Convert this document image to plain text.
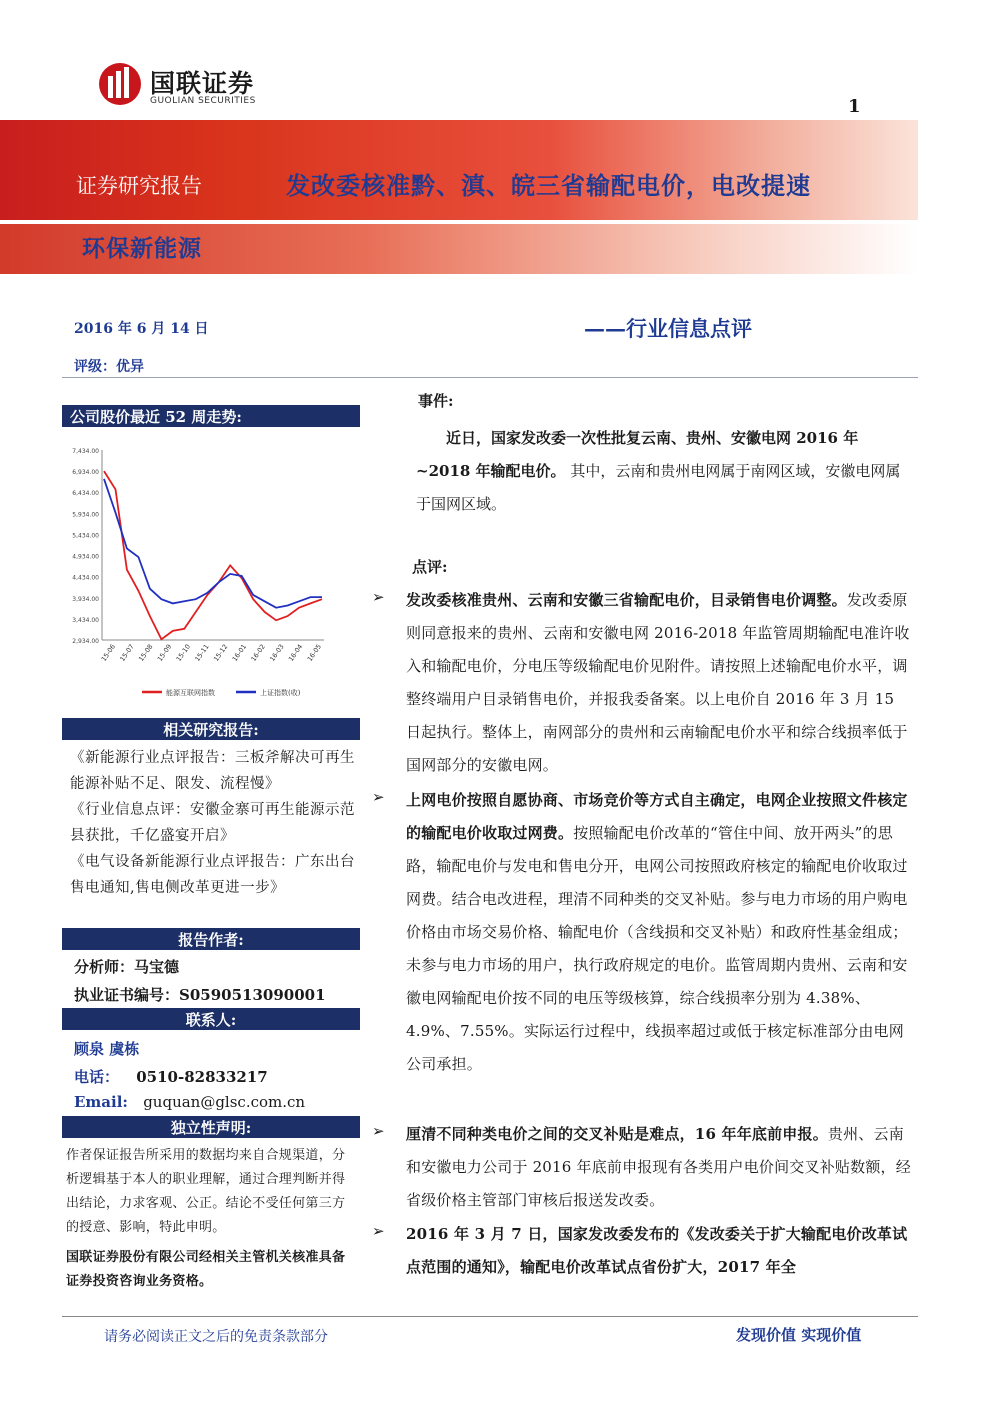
国联证券
GUOLIAN SECURITIES	1
证券研究报告	发改委核准黔、滇、皖三省输配电价，电改提速
环保新能源
2016 年 6 月 14 日
评级：优异
——行业信息点评
公司股价最近 52 周走势:
7,434.00
6,934.00
6,434.00
5,934.00
5,434.00
4,934.00
4,434.00
3,934.00
3,434.00
2,934.00
15-06 15-07 15-08 15-09 15-10 15-11 15-12 16-01 16-02 16-03 16-04 16-05
能源互联网指数	上证指数(收)
相关研究报告:
《新能源行业点评报告：三板斧解决可再生能源补贴不足、限发、流程慢》
《行业信息点评：安徽金寨可再生能源示范县获批，千亿盛宴开启》
《电气设备新能源行业点评报告：广东出台售电通知,售电侧改革更进一步》
报告作者:
分析师：马宝德
执业证书编号：S0590513090001
联系人:
顾泉 虞栋
电话： 0510-82833217
Email: guquan@glsc.com.cn
独立性声明:
作者保证报告所采用的数据均来自合规渠道，分析逻辑基于本人的职业理解，通过合理判断并得出结论，力求客观、公正。结论不受任何第三方的授意、影响，特此申明。
国联证券股份有限公司经相关主管机关核准具备证券投资咨询业务资格。
事件:
近日，国家发改委一次性批复云南、贵州、安徽电网 2016 年~2018 年输配电价。 其中，云南和贵州电网属于南网区域，安徽电网属于国网区域。
点评:
➢ 发改委核准贵州、云南和安徽三省输配电价，目录销售电价调整。发改委原则同意报来的贵州、云南和安徽电网 2016-2018 年监管周期输配电准许收入和输配电价，分电压等级输配电价见附件。请按照上述输配电价水平，调整终端用户目录销售电价，并报我委备案。以上电价自 2016 年 3 月 15 日起执行。整体上，南网部分的贵州和云南输配电价水平和综合线损率低于国网部分的安徽电网。
➢ 上网电价按照自愿协商、市场竞价等方式自主确定，电网企业按照文件核定的输配电价收取过网费。按照输配电价改革的“管住中间、放开两头”的思路，输配电价与发电和售电分开，电网公司按照政府核定的输配电价收取过网费。结合电改进程，理清不同种类的交叉补贴。参与电力市场的用户购电价格由市场交易价格、输配电价（含线损和交叉补贴）和政府性基金组成；未参与电力市场的用户，执行政府规定的电价。监管周期内贵州、云南和安徽电网输配电价按不同的电压等级核算，综合线损率分别为 4.38%、4.9%、7.55%。实际运行过程中，线损率超过或低于核定标准部分由电网公司承担。
➢ 厘清不同种类电价之间的交叉补贴是难点，16 年年底前申报。贵州、云南和安徽电力公司于 2016 年底前申报现有各类用户电价间交叉补贴数额，经省级价格主管部门审核后报送发改委。
➢ 2016 年 3 月 7 日，国家发改委发布的《发改委关于扩大输配电价改革试点范围的通知》，输配电价改革试点省份扩大，2017 年全
请务必阅读正文之后的免责条款部分	发现价值 实现价值
